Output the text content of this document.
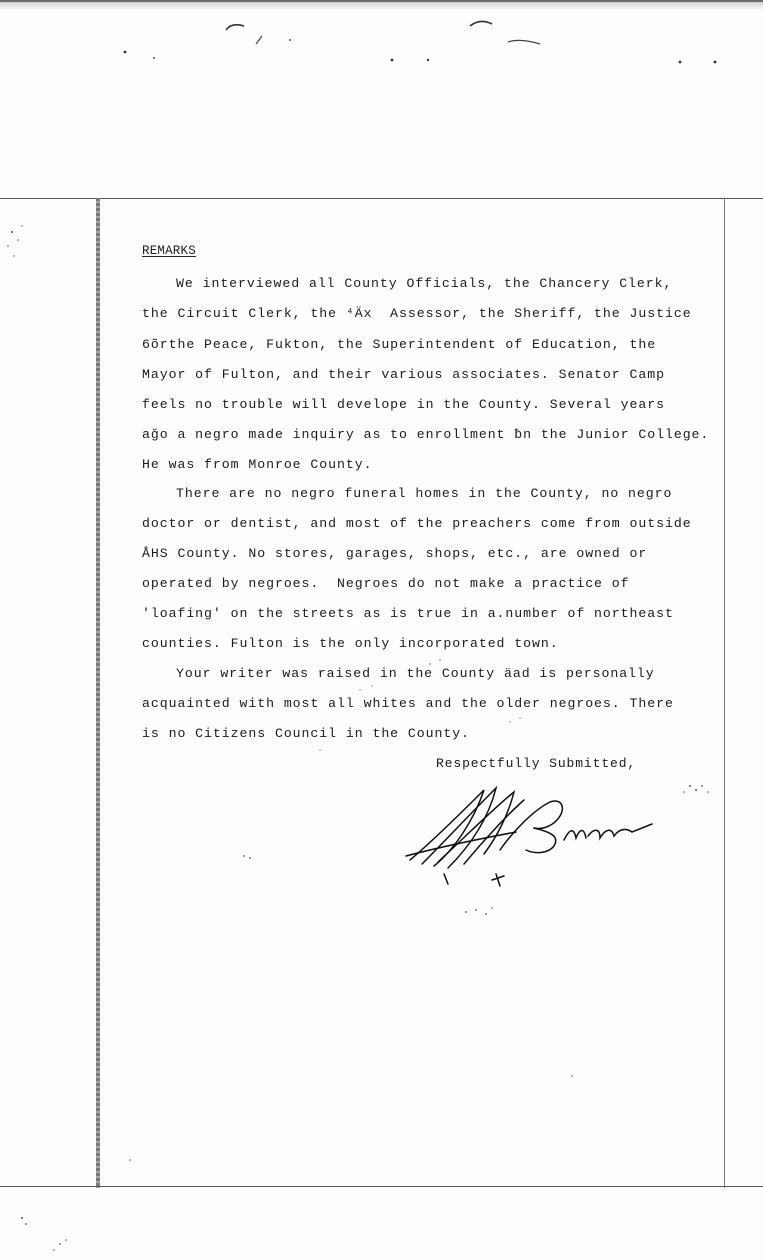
REMARKS
We interviewed all County Officials, the Chancery Clerk,
the Circuit Clerk, the ⁴Äx  Assessor, the Sheriff, the Justice
6õrthe Peace, Fukton, the Superintendent of Education, the
Mayor of Fulton, and their various associates. Senator Camp
feels no trouble will develope in the County. Several years
ağo a negro made inquiry as to enrollment ƀn the Junior College.
He was from Monroe County.
There are no negro funeral homes in the County, no negro
doctor or dentist, and most of the preachers come from outside
ÅHS County. No stores, garages, shops, etc., are owned or
operated by negroes.  Negroes do not make a practice of
'loafing' on the streets as is true in a.number of northeast
counties. Fulton is the only incorporated town.
Your writer was raised in the County äad is personally
acquainted with most all whites and the older negroes. There
is no Citizens Council in the County.
Respectfully Submitted,
